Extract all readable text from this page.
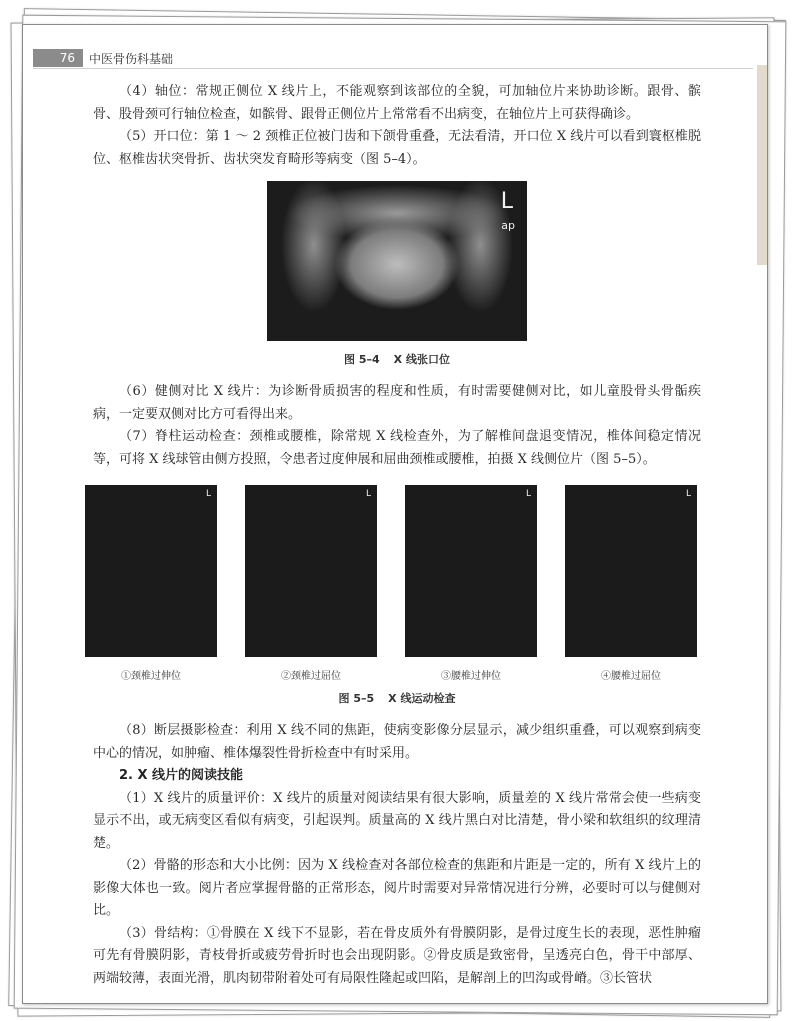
76	中医骨伤科基础

（4）轴位：常规正侧位 X 线片上，不能观察到该部位的全貌，可加轴位片来协助诊断。跟骨、髌骨、股骨颈可行轴位检查，如髌骨、跟骨正侧位片上常常看不出病变，在轴位片上可获得确诊。

（5）开口位：第 1 ～ 2 颈椎正位被门齿和下颌骨重叠，无法看清，开口位 X 线片可以看到寰枢椎脱位、枢椎齿状突骨折、齿状突发育畸形等病变（图 5–4）。

L
ap
图 5–4 X 线张口位

（6）健侧对比 X 线片：为诊断骨质损害的程度和性质，有时需要健侧对比，如儿童股骨头骨骺疾病，一定要双侧对比方可看得出来。

（7）脊柱运动检查：颈椎或腰椎，除常规 X 线检查外，为了解椎间盘退变情况，椎体间稳定情况等，可将 X 线球管由侧方投照，令患者过度伸展和屈曲颈椎或腰椎，拍摄 X 线侧位片（图 5–5）。

L
①颈椎过伸位
L
②颈椎过屈位
L
③腰椎过伸位
L
④腰椎过屈位
图 5–5 X 线运动检查

（8）断层摄影检查：利用 X 线不同的焦距，使病变影像分层显示，减少组织重叠，可以观察到病变中心的情况，如肿瘤、椎体爆裂性骨折检查中有时采用。

2. X 线片的阅读技能

（1）X 线片的质量评价：X 线片的质量对阅读结果有很大影响，质量差的 X 线片常常会使一些病变显示不出，或无病变区看似有病变，引起误判。质量高的 X 线片黑白对比清楚，骨小梁和软组织的纹理清楚。

（2）骨骼的形态和大小比例：因为 X 线检查对各部位检查的焦距和片距是一定的，所有 X 线片上的影像大体也一致。阅片者应掌握骨骼的正常形态，阅片时需要对异常情况进行分辨，必要时可以与健侧对比。

（3）骨结构：①骨膜在 X 线下不显影，若在骨皮质外有骨膜阴影，是骨过度生长的表现，恶性肿瘤可先有骨膜阴影，青枝骨折或疲劳骨折时也会出现阴影。②骨皮质是致密骨，呈透亮白色，骨干中部厚、两端较薄，表面光滑，肌肉韧带附着处可有局限性隆起或凹陷，是解剖上的凹沟或骨嵴。③长管状
